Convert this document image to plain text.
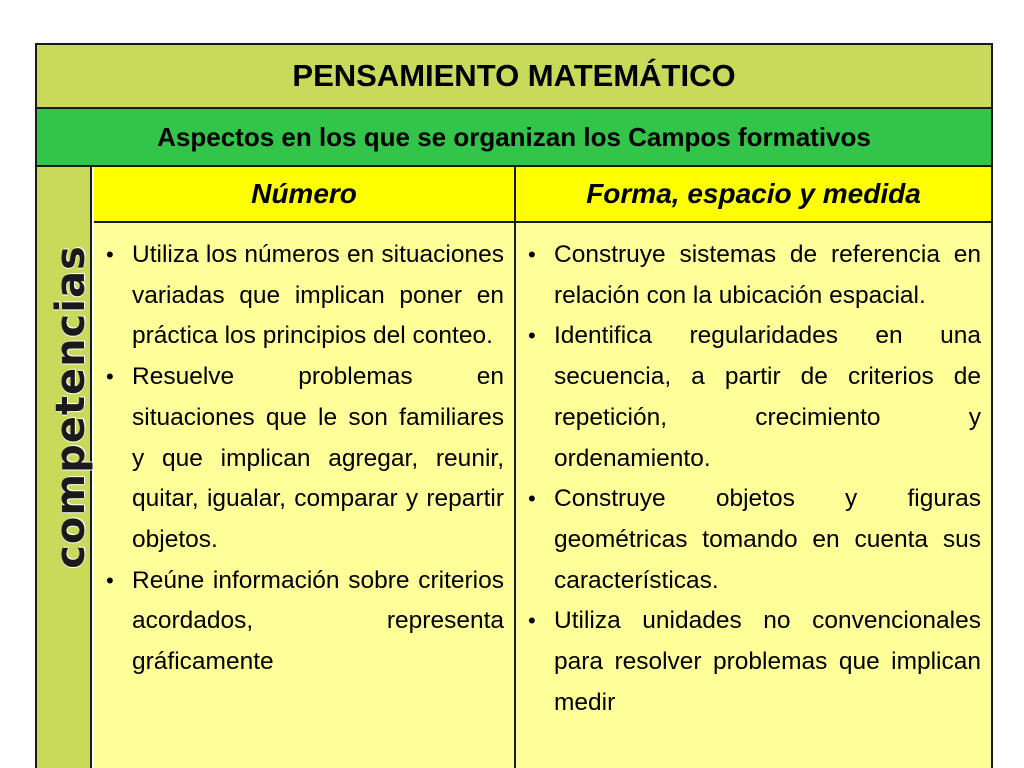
PENSAMIENTO MATEMÁTICO
Aspectos en los que se organizan los Campos formativos
competencias
Número	Forma, espacio y medida
• Utiliza los números en situaciones variadas que implican poner en práctica los principios del conteo.
• Resuelve problemas en situaciones que le son familiares y que implican agregar, reunir, quitar, igualar, comparar y repartir objetos.
• Reúne información sobre criterios acordados, representa gráficamente
• Construye sistemas de referencia en relación con la ubicación espacial.
• Identifica regularidades en una secuencia, a partir de criterios de repetición, crecimiento y ordenamiento.
• Construye objetos y figuras geométricas tomando en cuenta sus características.
• Utiliza unidades no convencionales para resolver problemas que implican medir
